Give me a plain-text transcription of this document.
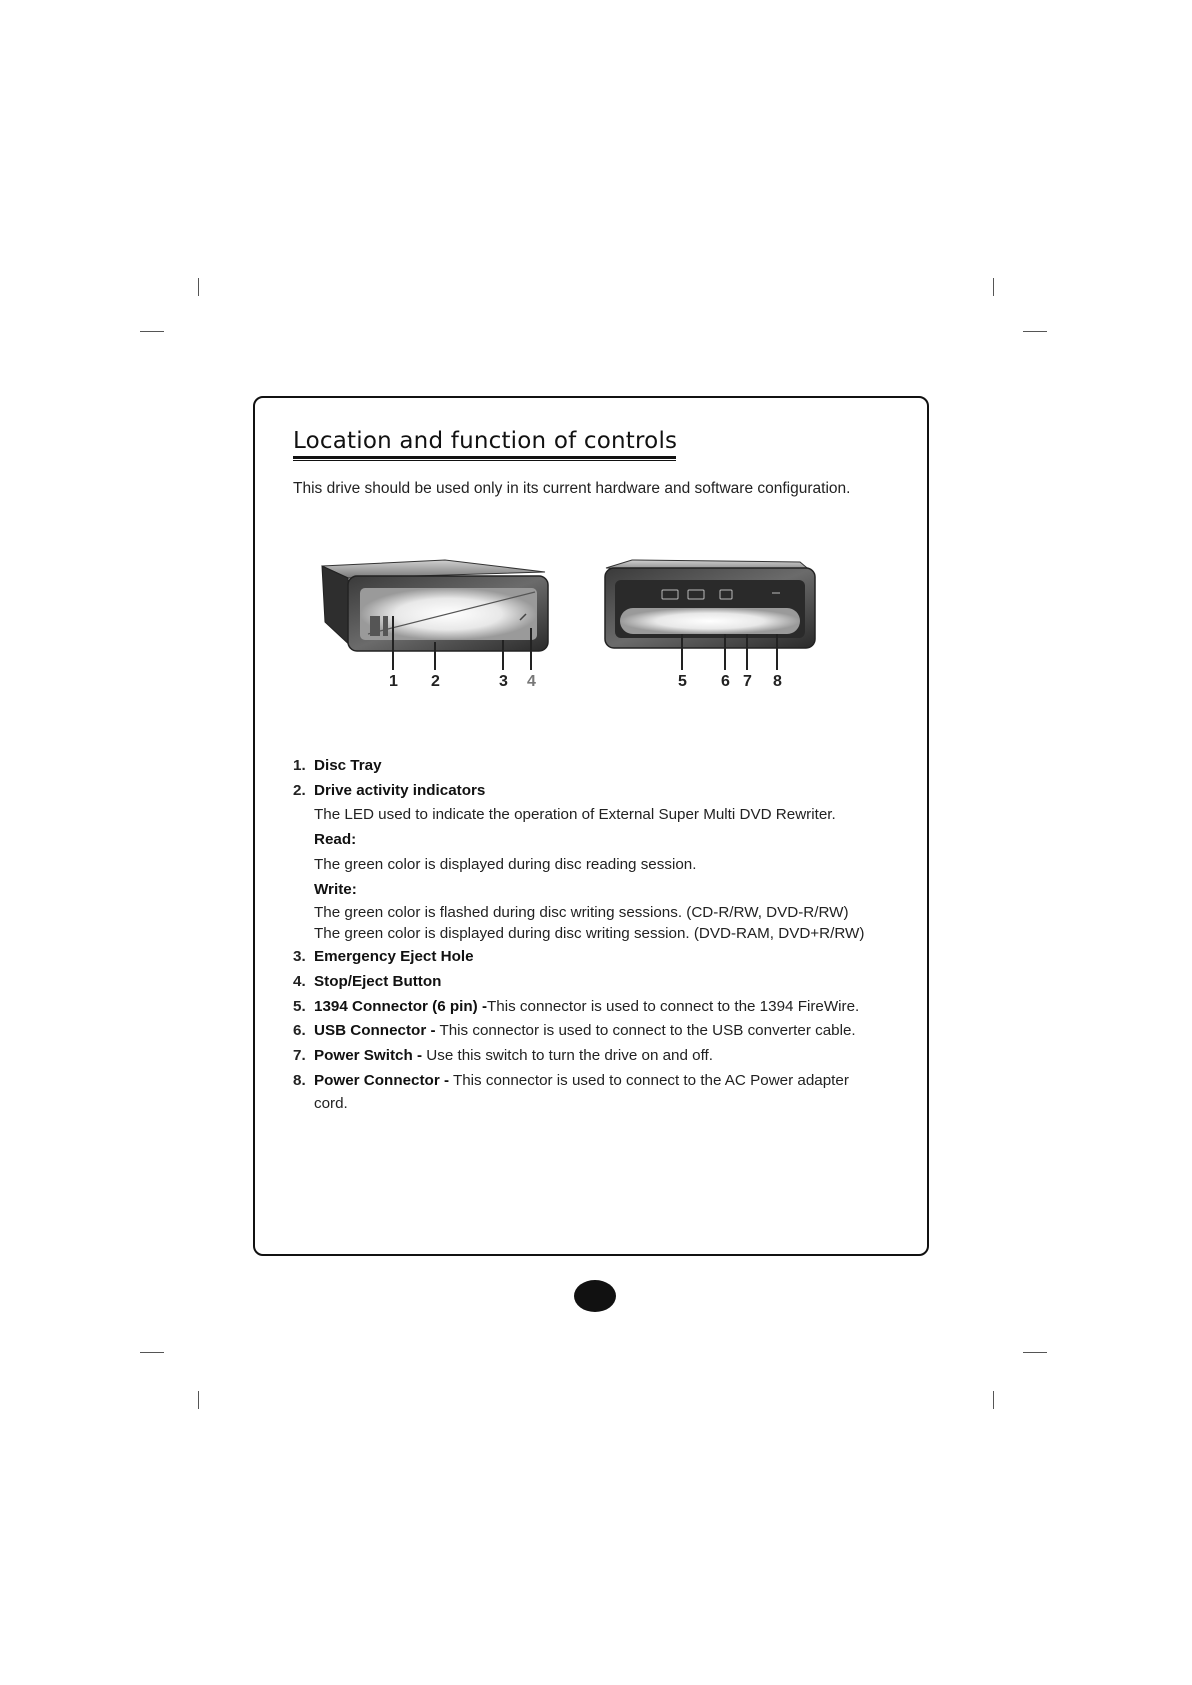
Location and function of controls
This drive should be used only in its current hardware and software configuration.
1 2	3 4	5 6 7 8
1. Disc Tray
2. Drive activity indicators
The LED used to indicate the operation of External Super Multi DVD Rewriter.
Read:
The green color is displayed during disc reading session.
Write:
The green color is flashed during disc writing sessions. (CD-R/RW, DVD-R/RW)
The green color is displayed during disc writing session. (DVD-RAM, DVD+R/RW)
3. Emergency Eject Hole
4. Stop/Eject Button
5. 1394 Connector (6 pin) -This connector is used to connect to the 1394 FireWire.
6. USB Connector - This connector is used to connect to the USB converter cable.
7. Power Switch - Use this switch to turn the drive on and off.
8. Power Connector - This connector is used to connect to the AC Power adapter
cord.
